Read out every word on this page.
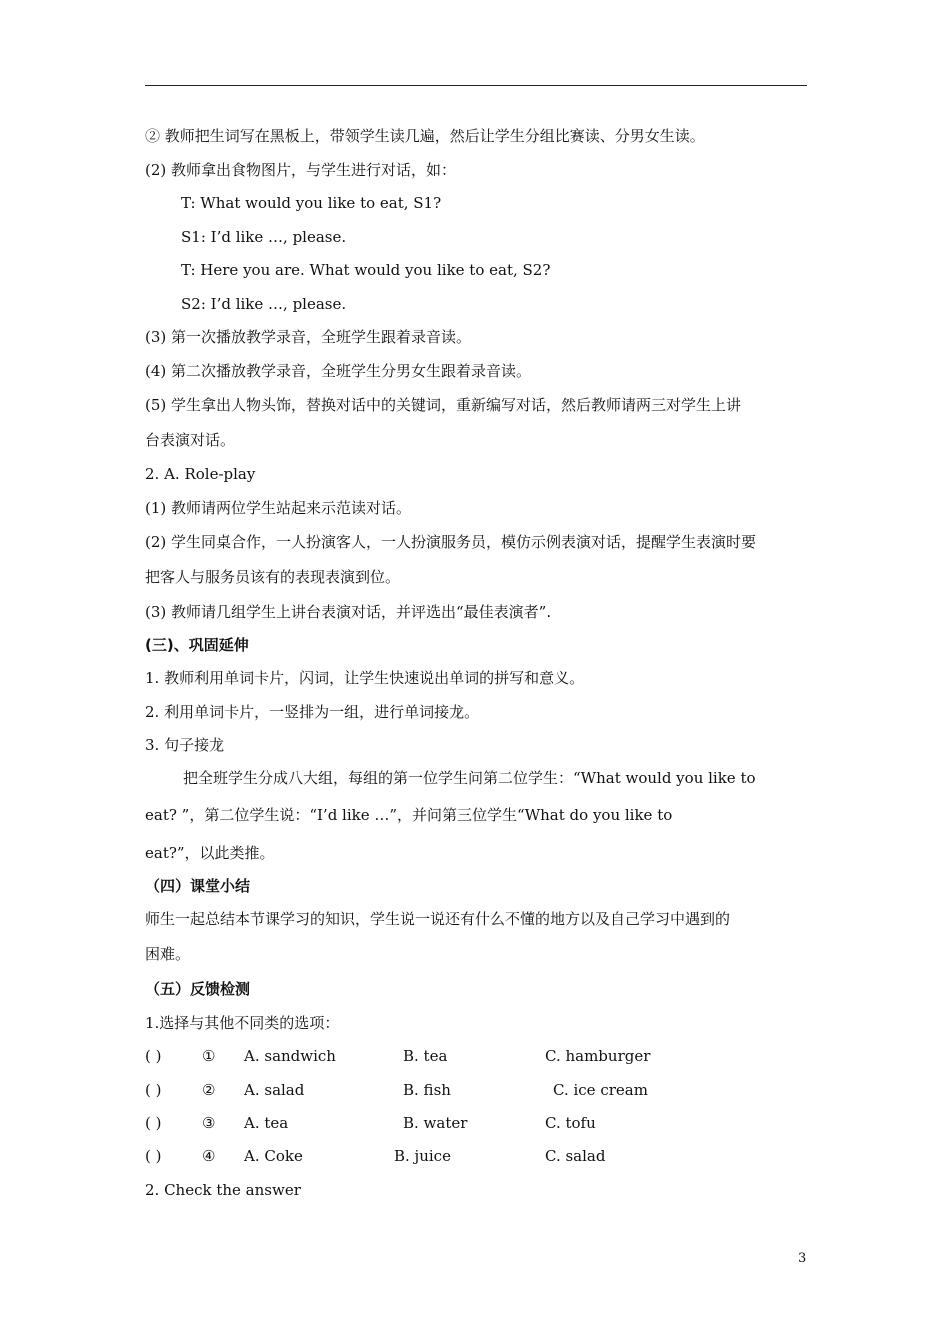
② 教师把生词写在黑板上，带领学生读几遍，然后让学生分组比赛读、分男女生读。
(2) 教师拿出食物图片，与学生进行对话，如：
T: What would you like to eat, S1?
S1: I’d like …, please.
T: Here you are. What would you like to eat, S2?
S2: I’d like …, please.
(3) 第一次播放教学录音，全班学生跟着录音读。
(4) 第二次播放教学录音，全班学生分男女生跟着录音读。
(5) 学生拿出人物头饰，替换对话中的关键词，重新编写对话，然后教师请两三对学生上讲
台表演对话。
2. A. Role-play
(1) 教师请两位学生站起来示范读对话。
(2) 学生同桌合作，一人扮演客人，一人扮演服务员，模仿示例表演对话，提醒学生表演时要
把客人与服务员该有的表现表演到位。
(3) 教师请几组学生上讲台表演对话，并评选出“最佳表演者”.
(三)、巩固延伸
1. 教师利用单词卡片，闪词，让学生快速说出单词的拼写和意义。
2. 利用单词卡片，一竖排为一组，进行单词接龙。
3. 句子接龙
把全班学生分成八大组，每组的第一位学生问第二位学生：“What would you like to
eat? ”，第二位学生说：“I’d like …”，并问第三位学生“What do you like to
eat?”，以此类推。
（四）课堂小结
师生一起总结本节课学习的知识，学生说一说还有什么不懂的地方以及自己学习中遇到的
困难。
（五）反馈检测
1.选择与其他不同类的选项：
( )	① A. sandwich	B. tea	C. hamburger
( )	② A. salad	B. fish	C. ice cream
( )	③ A. tea	B. water	C. tofu
( )	④ A. Coke	B. juice	C. salad
2. Check the answer
3
